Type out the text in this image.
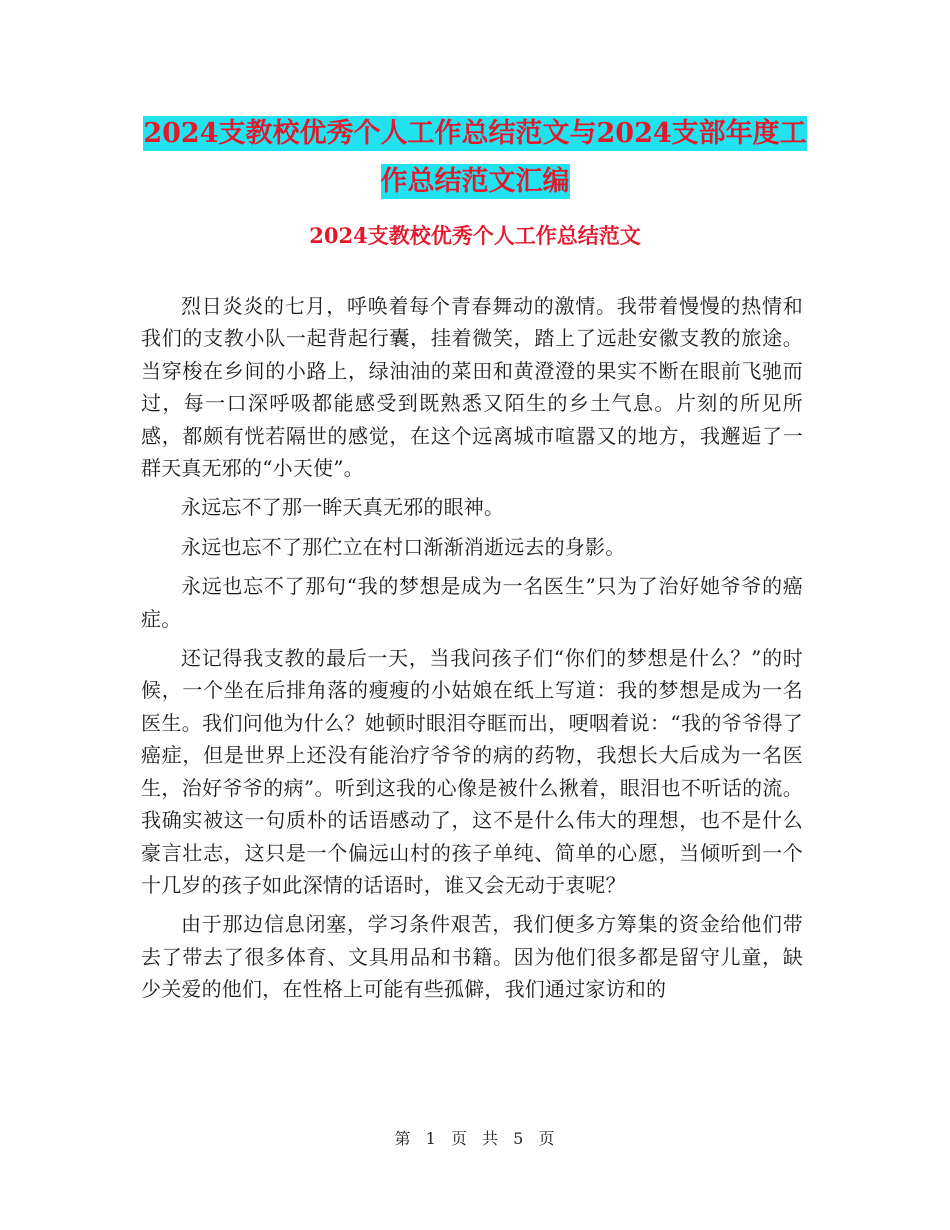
2024支教校优秀个人工作总结范文与2024支部年度工作总结范文汇编
2024支教校优秀个人工作总结范文

烈日炎炎的七月，呼唤着每个青春舞动的激情。我带着慢慢的热情和我们的支教小队一起背起行囊，挂着微笑，踏上了远赴安徽支教的旅途。当穿梭在乡间的小路上，绿油油的菜田和黄澄澄的果实不断在眼前飞驰而过，每一口深呼吸都能感受到既熟悉又陌生的乡土气息。片刻的所见所感，都颇有恍若隔世的感觉，在这个远离城市喧嚣又的地方，我邂逅了一群天真无邪的“小天使”。

永远忘不了那一眸天真无邪的眼神。

永远也忘不了那伫立在村口渐渐消逝远去的身影。

永远也忘不了那句“我的梦想是成为一名医生”只为了治好她爷爷的癌症。

还记得我支教的最后一天，当我问孩子们“你们的梦想是什么？”的时候，一个坐在后排角落的瘦瘦的小姑娘在纸上写道：我的梦想是成为一名医生。我们问他为什么？她顿时眼泪夺眶而出，哽咽着说：“我的爷爷得了癌症，但是世界上还没有能治疗爷爷的病的药物，我想长大后成为一名医生，治好爷爷的病”。听到这我的心像是被什么揪着，眼泪也不听话的流。我确实被这一句质朴的话语感动了，这不是什么伟大的理想，也不是什么豪言壮志，这只是一个偏远山村的孩子单纯、简单的心愿，当倾听到一个十几岁的孩子如此深情的话语时，谁又会无动于衷呢？

由于那边信息闭塞，学习条件艰苦，我们便多方筹集的资金给他们带去了带去了很多体育、文具用品和书籍。因为他们很多都是留守儿童，缺少关爱的他们，在性格上可能有些孤僻，我们通过家访和的

第 1 页 共 5 页
